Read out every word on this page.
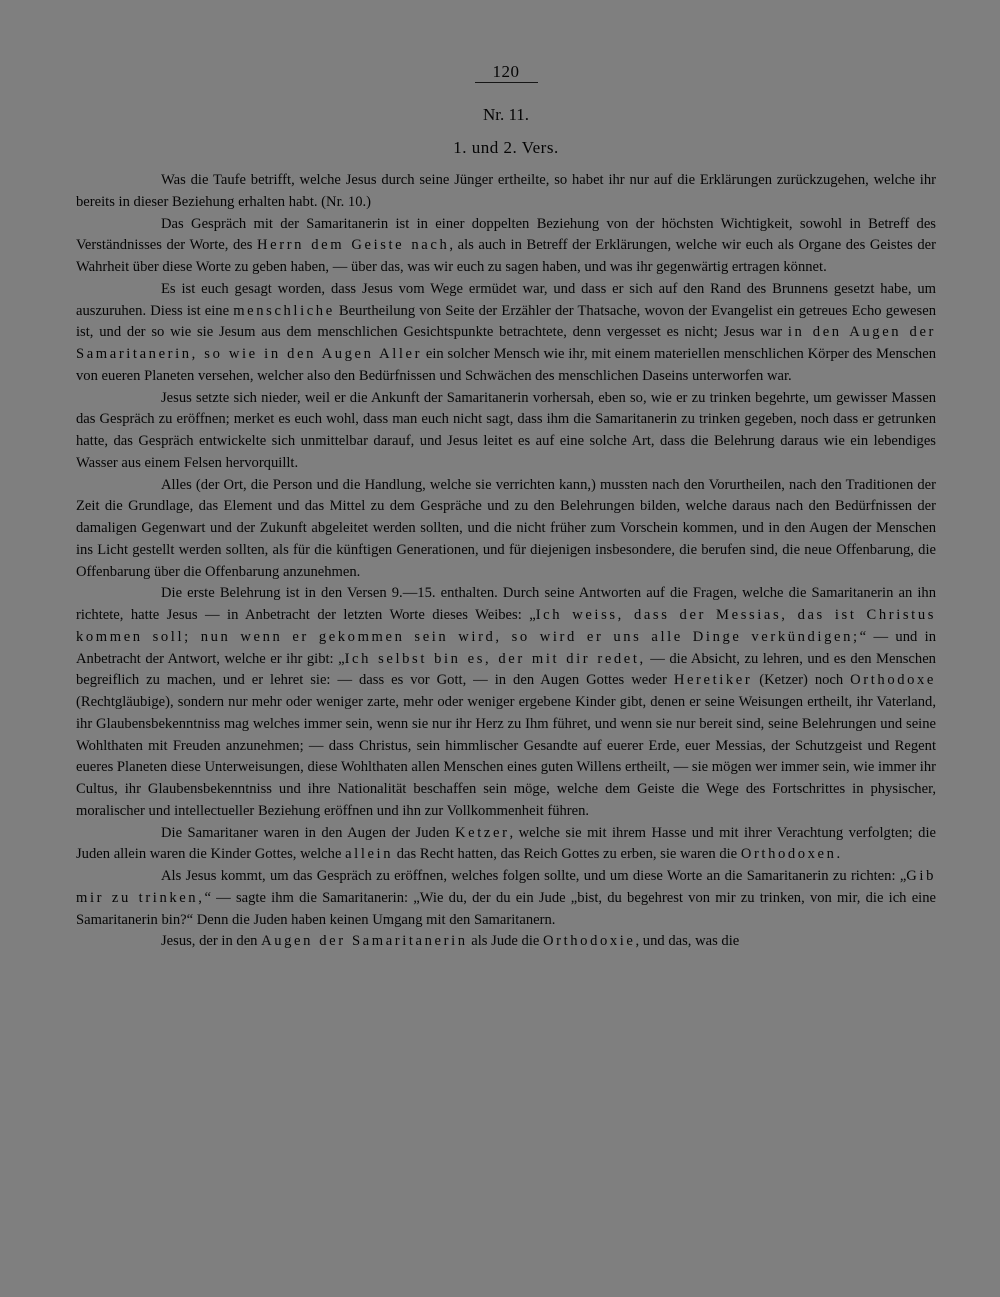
120
Nr. 11.
1. und 2. Vers.

Was die Taufe betrifft, welche Jesus durch seine Jünger ertheilte, so habet ihr nur auf die Erklärungen zurückzugehen, welche ihr bereits in dieser Beziehung erhalten habt. (Nr. 10.)

Das Gespräch mit der Samaritanerin ist in einer doppelten Beziehung von der höchsten Wichtigkeit, sowohl in Betreff des Verständnisses der Worte, des Herrn dem Geiste nach, als auch in Betreff der Erklärungen, welche wir euch als Organe des Geistes der Wahrheit über diese Worte zu geben haben, — über das, was wir euch zu sagen haben, und was ihr gegenwärtig ertragen könnet.

Es ist euch gesagt worden, dass Jesus vom Wege ermüdet war, und dass er sich auf den Rand des Brunnens gesetzt habe, um auszuruhen. Diess ist eine menschliche Beurtheilung von Seite der Erzähler der Thatsache, wovon der Evangelist ein getreues Echo gewesen ist, und der so wie sie Jesum aus dem menschlichen Gesichtspunkte betrachtete, denn vergesset es nicht; Jesus war in den Augen der Samaritanerin, so wie in den Augen Aller ein solcher Mensch wie ihr, mit einem materiellen menschlichen Körper des Menschen von eueren Planeten versehen, welcher also den Bedürfnissen und Schwächen des menschlichen Daseins unterworfen war.

Jesus setzte sich nieder, weil er die Ankunft der Samaritanerin vorhersah, eben so, wie er zu trinken begehrte, um gewisser Massen das Gespräch zu eröffnen; merket es euch wohl, dass man euch nicht sagt, dass ihm die Samaritanerin zu trinken gegeben, noch dass er getrunken hatte, das Gespräch entwickelte sich unmittelbar darauf, und Jesus leitet es auf eine solche Art, dass die Belehrung daraus wie ein lebendiges Wasser aus einem Felsen hervorquillt.

Alles (der Ort, die Person und die Handlung, welche sie verrichten kann,) mussten nach den Vorurtheilen, nach den Traditionen der Zeit die Grundlage, das Element und das Mittel zu dem Gespräche und zu den Belehrungen bilden, welche daraus nach den Bedürfnissen der damaligen Gegenwart und der Zukunft abgeleitet werden sollten, und die nicht früher zum Vorschein kommen, und in den Augen der Menschen ins Licht gestellt werden sollten, als für die künftigen Generationen, und für diejenigen insbesondere, die berufen sind, die neue Offenbarung, die Offenbarung über die Offenbarung anzunehmen.

Die erste Belehrung ist in den Versen 9.—15. enthalten. Durch seine Antworten auf die Fragen, welche die Samaritanerin an ihn richtete, hatte Jesus — in Anbetracht der letzten Worte dieses Weibes: „Ich weiss, dass der Messias, das ist Christus kommen soll; nun wenn er gekommen sein wird, so wird er uns alle Dinge verkündigen;“ — und in Anbetracht der Antwort, welche er ihr gibt: „Ich selbst bin es, der mit dir redet, — die Absicht, zu lehren, und es den Menschen begreiflich zu machen, und er lehret sie: — dass es vor Gott, — in den Augen Gottes weder Heretiker (Ketzer) noch Orthodoxe (Rechtgläubige), sondern nur mehr oder weniger zarte, mehr oder weniger ergebene Kinder gibt, denen er seine Weisungen ertheilt, ihr Vaterland, ihr Glaubensbekenntniss mag welches immer sein, wenn sie nur ihr Herz zu Ihm führet, und wenn sie nur bereit sind, seine Belehrungen und seine Wohlthaten mit Freuden anzunehmen; — dass Christus, sein himmlischer Gesandte auf euerer Erde, euer Messias, der Schutzgeist und Regent eueres Planeten diese Unterweisungen, diese Wohlthaten allen Menschen eines guten Willens ertheilt, — sie mögen wer immer sein, wie immer ihr Cultus, ihr Glaubensbekenntniss und ihre Nationalität beschaffen sein möge, welche dem Geiste die Wege des Fortschrittes in physischer, moralischer und intellectueller Beziehung eröffnen und ihn zur Vollkommenheit führen.

Die Samaritaner waren in den Augen der Juden Ketzer, welche sie mit ihrem Hasse und mit ihrer Verachtung verfolgten; die Juden allein waren die Kinder Gottes, welche allein das Recht hatten, das Reich Gottes zu erben, sie waren die Orthodoxen.

Als Jesus kommt, um das Gespräch zu eröffnen, welches folgen sollte, und um diese Worte an die Samaritanerin zu richten: „Gib mir zu trinken,“ — sagte ihm die Samaritanerin: „Wie du, der du ein Jude „bist, du begehrest von mir zu trinken, von mir, die ich eine Samaritanerin bin?“ Denn die Juden haben keinen Umgang mit den Samaritanern.

Jesus, der in den Augen der Samaritanerin als Jude die Orthodoxie, und das, was die
